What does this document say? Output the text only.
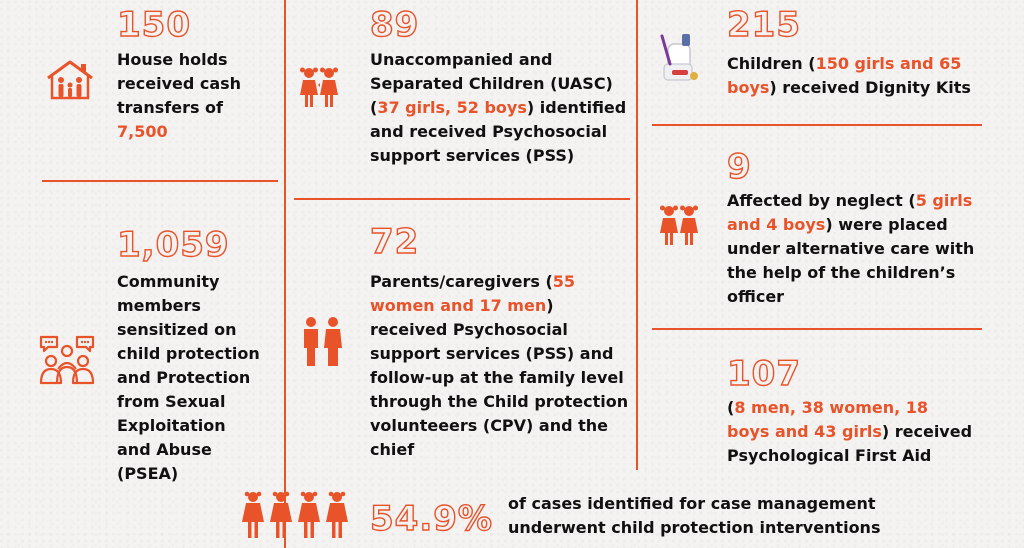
150
House holds
received cash
transfers of
7,500
89
Unaccompanied and
Separated Children (UASC)
(37 girls, 52 boys) identified
and received Psychosocial
support services (PSS)
215
Children (150 girls and 65
boys) received Dignity Kits
9
Affected by neglect (5 girls
and 4 boys) were placed
under alternative care with
the help of the children’s
officer
1,059
Community
members
sensitized on
child protection
and Protection
from Sexual
Exploitation
and Abuse
(PSEA)
72
Parents/caregivers (55
women and 17 men)
received Psychosocial
support services (PSS) and
follow-up at the family level
through the Child protection
volunteeers (CPV) and the
chief
107
(8 men, 38 women, 18
boys and 43 girls) received
Psychological First Aid
54.9% of cases identified for case management
underwent child protection interventions
